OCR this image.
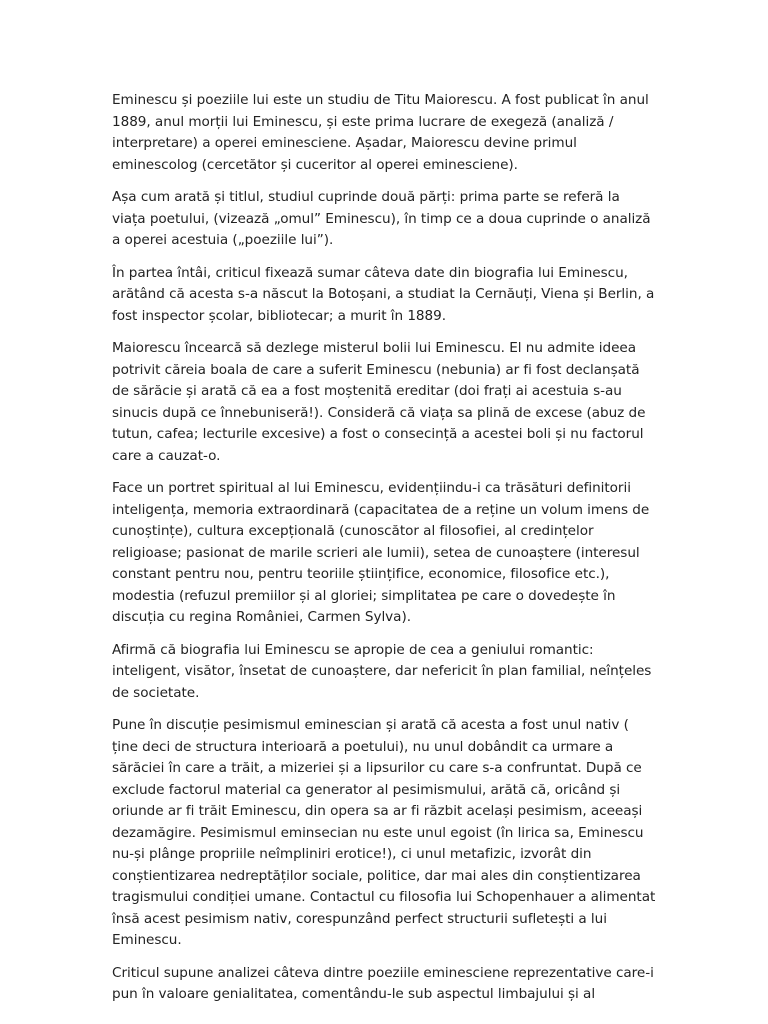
Eminescu și poeziile lui este un studiu de Titu Maiorescu. A fost publicat în anul 1889, anul morții lui Eminescu, și este prima lucrare de exegeză (analiză / interpretare) a operei eminesciene. Așadar, Maiorescu devine primul eminescolog (cercetător și cuceritor al operei eminesciene).

Așa cum arată și titlul, studiul cuprinde două părți: prima parte se referă la viața poetului, (vizează „omul” Eminescu), în timp ce a doua cuprinde o analiză a operei acestuia („poeziile lui”).

În partea întâi, criticul fixează sumar câteva date din biografia lui Eminescu, arătând că acesta s-a născut la Botoșani, a studiat la Cernăuți, Viena și Berlin, a fost inspector școlar, bibliotecar; a murit în 1889.

Maiorescu încearcă să dezlege misterul bolii lui Eminescu. El nu admite ideea potrivit căreia boala de care a suferit Eminescu (nebunia) ar fi fost declanșată de sărăcie și arată că ea a fost moștenită ereditar (doi frați ai acestuia s-au sinucis după ce înnebuniseră!). Consideră că viața sa plină de excese (abuz de tutun, cafea; lecturile excesive) a fost o consecință a acestei boli și nu factorul care a cauzat-o.

Face un portret spiritual al lui Eminescu, evidențiindu-i ca trăsături definitorii inteligența, memoria extraordinară (capacitatea de a reține un volum imens de cunoștințe), cultura excepțională (cunoscător al filosofiei, al credințelor religioase; pasionat de marile scrieri ale lumii), setea de cunoaștere (interesul constant pentru nou, pentru teoriile științifice, economice, filosofice etc.), modestia (refuzul premiilor și al gloriei; simplitatea pe care o dovedește în discuția cu regina României, Carmen Sylva).

Afirmă că biografia lui Eminescu se apropie de cea a geniului romantic: inteligent, visător, însetat de cunoaștere, dar nefericit în plan familial, neînțeles de societate.

Pune în discuție pesimismul eminescian și arată că acesta a fost unul nativ ( ține deci de structura interioară a poetului), nu unul dobândit ca urmare a sărăciei în care a trăit, a mizeriei și a lipsurilor cu care s-a confruntat. După ce exclude factorul material ca generator al pesimismului, arătă că, oricând și oriunde ar fi trăit Eminescu, din opera sa ar fi răzbit același pesimism, aceeași dezamăgire. Pesimismul eminsecian nu este unul egoist (în lirica sa, Eminescu nu-și plânge propriile neîmpliniri erotice!), ci unul metafizic, izvorât din conștientizarea nedreptăților sociale, politice, dar mai ales din conștientizarea tragismului condiției umane. Contactul cu filosofia lui Schopenhauer a alimentat însă acest pesimism nativ, corespunzând perfect structurii sufletești a lui Eminescu.

Criticul supune analizei câteva dintre poeziile eminesciene reprezentative care-i pun în valoare genialitatea, comentându-le sub aspectul limbajului și al
